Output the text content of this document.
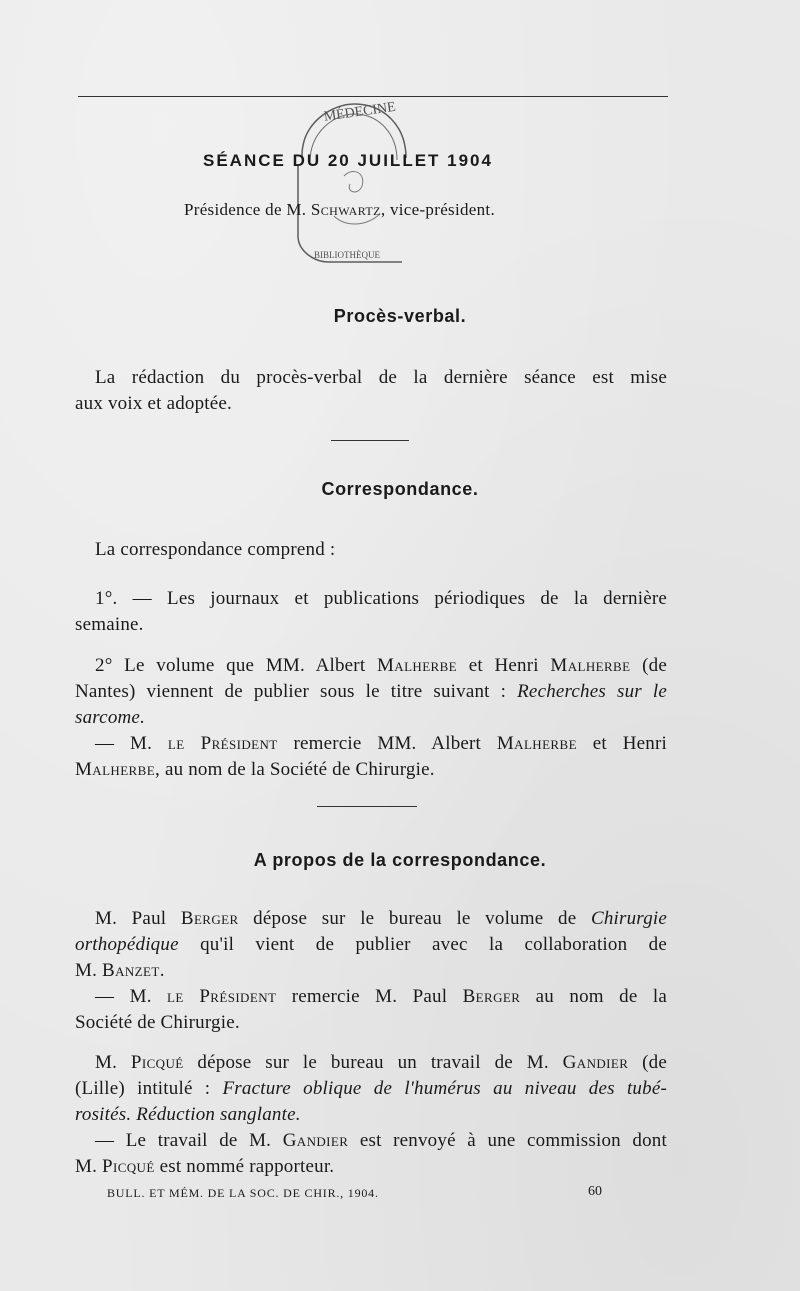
MÉDECINE
BIBLIOTHÈQUE
SÉANCE DU 20 JUILLET 1904
Présidence de M. Schwartz, vice-président.
Procès-verbal.
La rédaction du procès-verbal de la dernière séance est mise
aux voix et adoptée.
Correspondance.
La correspondance comprend :
1°. — Les journaux et publications périodiques de la dernière
semaine.
2° Le volume que MM. Albert Malherbe et Henri Malherbe (de
Nantes) viennent de publier sous le titre suivant : Recherches sur le
sarcome.
— M. le Président remercie MM. Albert Malherbe et Henri
Malherbe, au nom de la Société de Chirurgie.
A propos de la correspondance.
M. Paul Berger dépose sur le bureau le volume de Chirurgie
orthopédique qu'il vient de publier avec la collaboration de
M. Banzet.
— M. le Président remercie M. Paul Berger au nom de la
Société de Chirurgie.
M. Picqué dépose sur le bureau un travail de M. Gandier (de
(Lille) intitulé : Fracture oblique de l'humérus au niveau des tubé-
rosités. Réduction sanglante.
— Le travail de M. Gandier est renvoyé à une commission dont
M. Picqué est nommé rapporteur.
BULL. ET MÉM. DE LA SOC. DE CHIR., 1904.	60
